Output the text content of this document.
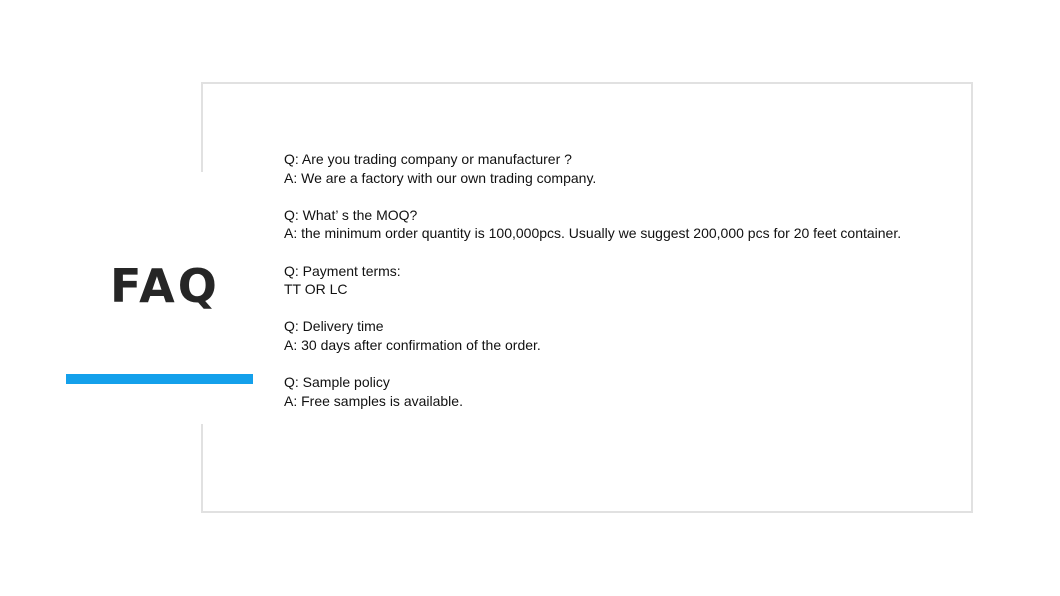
FAQ
Q: Are you trading company or manufacturer ?
A: We are a factory with our own trading company.
Q: What’ s the MOQ?
A: the minimum order quantity is 100,000pcs. Usually we suggest 200,000 pcs for 20 feet container.
Q: Payment terms:
TT OR LC
Q: Delivery time
A: 30 days after confirmation of the order.
Q: Sample policy
A: Free samples is available.
